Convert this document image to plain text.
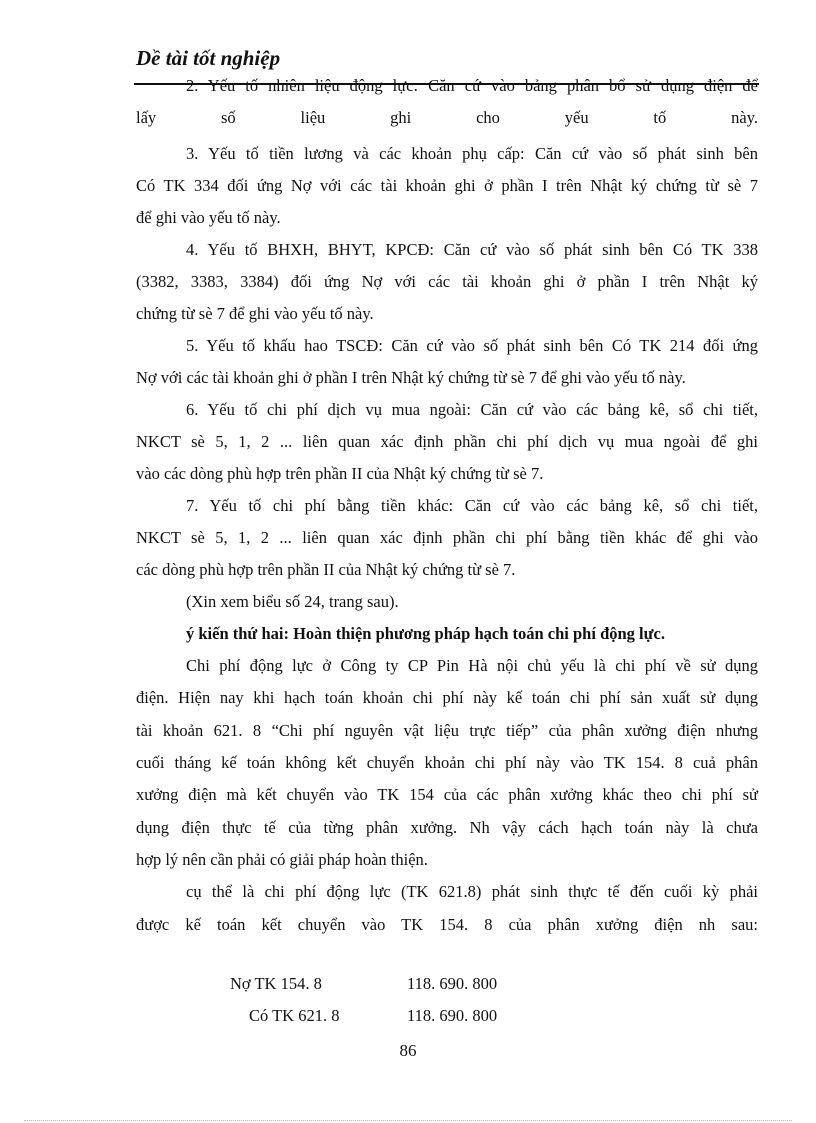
Dề tài tốt nghiệp
2. Yếu tố nhiên liệu động lực: Căn cứ vào bảng phân bổ sử dụng điện để
lấy số liệu ghi cho yếu tố này.
3. Yếu tố tiền lương và các khoản phụ cấp: Căn cứ vào số phát sinh bên
Có TK 334 đối ứng Nợ với các tài khoản ghi ở phần I trên Nhật ký chứng từ sè 7
để ghi vào yếu tố này.
4. Yếu tố BHXH, BHYT, KPCĐ: Căn cứ vào số phát sinh bên Có TK 338
(3382, 3383, 3384) đối ứng Nợ với các tài khoản ghi ở phần I trên Nhật ký
chứng từ sè 7 để ghi vào yếu tố này.
5. Yếu tố khấu hao TSCĐ: Căn cứ vào số phát sinh bên Có TK 214 đối ứng
Nợ với các tài khoản ghi ở phần I trên Nhật ký chứng từ sè 7 để ghi vào yếu tố này.
6. Yếu tố chi phí dịch vụ mua ngoài: Căn cứ vào các bảng kê, sổ chi tiết,
NKCT sè 5, 1, 2 ... liên quan xác định phần chi phí dịch vụ mua ngoài để ghi
vào các dòng phù hợp trên phần II của Nhật ký chứng từ sè 7.
7. Yếu tố chi phí bằng tiền khác: Căn cứ vào các bảng kê, sổ chi tiết,
NKCT sè 5, 1, 2 ... liên quan xác định phần chi phí bằng tiền khác để ghi vào
các dòng phù hợp trên phần II của Nhật ký chứng từ sè 7.
(Xin xem biểu số 24, trang sau).
ý kiến thứ hai: Hoàn thiện phương pháp hạch toán chi phí động lực.
Chi phí động lực ở Công ty CP Pin Hà nội chủ yếu là chi phí về sử dụng
điện. Hiện nay khi hạch toán khoản chi phí này kế toán chi phí sản xuất sử dụng
tài khoản 621. 8 “Chi phí nguyên vật liệu trực tiếp” của phân xưởng điện nhưng
cuối tháng kế toán không kết chuyển khoản chi phí này vào TK 154. 8 cuả phân
xưởng điện mà kết chuyển vào TK 154 của các phân xưởng khác theo chi phí sử
dụng điện thực tế của từng phân xưởng. Nh vậy cách hạch toán này là chưa
hợp lý nên cần phải có giải pháp hoàn thiện.
cụ thể là chi phí động lực (TK 621.8) phát sinh thực tế đến cuối kỳ phải
được kế toán kết chuyển vào TK 154. 8 của phân xưởng điện nh sau:
Nợ TK 154. 8	118. 690. 800
Có TK 621. 8	118. 690. 800
86
